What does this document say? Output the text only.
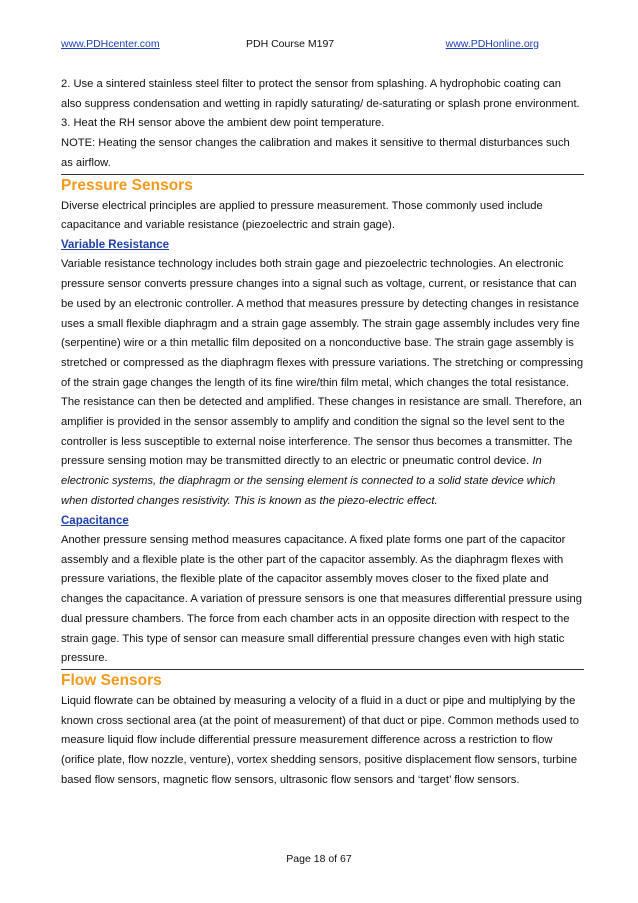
www.PDHcenter.com	PDH Course M197	www.PDHonline.org

2. Use a sintered stainless steel filter to protect the sensor from splashing. A hydrophobic coating can also suppress condensation and wetting in rapidly saturating/ de-saturating or splash prone environment.

3. Heat the RH sensor above the ambient dew point temperature.

NOTE: Heating the sensor changes the calibration and makes it sensitive to thermal disturbances such as airflow.

Pressure Sensors

Diverse electrical principles are applied to pressure measurement. Those commonly used include capacitance and variable resistance (piezoelectric and strain gage).

Variable Resistance

Variable resistance technology includes both strain gage and piezoelectric technologies. An electronic pressure sensor converts pressure changes into a signal such as voltage, current, or resistance that can be used by an electronic controller. A method that measures pressure by detecting changes in resistance uses a small flexible diaphragm and a strain gage assembly. The strain gage assembly includes very fine (serpentine) wire or a thin metallic film deposited on a nonconductive base. The strain gage assembly is stretched or compressed as the diaphragm flexes with pressure variations. The stretching or compressing of the strain gage changes the length of its fine wire/thin film metal, which changes the total resistance. The resistance can then be detected and amplified. These changes in resistance are small. Therefore, an amplifier is provided in the sensor assembly to amplify and condition the signal so the level sent to the controller is less susceptible to external noise interference. The sensor thus becomes a transmitter. The pressure sensing motion may be transmitted directly to an electric or pneumatic control device. In electronic systems, the diaphragm or the sensing element is connected to a solid state device which when distorted changes resistivity. This is known as the piezo-electric effect.

Capacitance

Another pressure sensing method measures capacitance. A fixed plate forms one part of the capacitor assembly and a flexible plate is the other part of the capacitor assembly. As the diaphragm flexes with pressure variations, the flexible plate of the capacitor assembly moves closer to the fixed plate and changes the capacitance. A variation of pressure sensors is one that measures differential pressure using dual pressure chambers. The force from each chamber acts in an opposite direction with respect to the strain gage. This type of sensor can measure small differential pressure changes even with high static pressure.

Flow Sensors

Liquid flowrate can be obtained by measuring a velocity of a fluid in a duct or pipe and multiplying by the known cross sectional area (at the point of measurement) of that duct or pipe. Common methods used to measure liquid flow include differential pressure measurement difference across a restriction to flow (orifice plate, flow nozzle, venture), vortex shedding sensors, positive displacement flow sensors, turbine based flow sensors, magnetic flow sensors, ultrasonic flow sensors and ‘target’ flow sensors.

Page 18 of 67
